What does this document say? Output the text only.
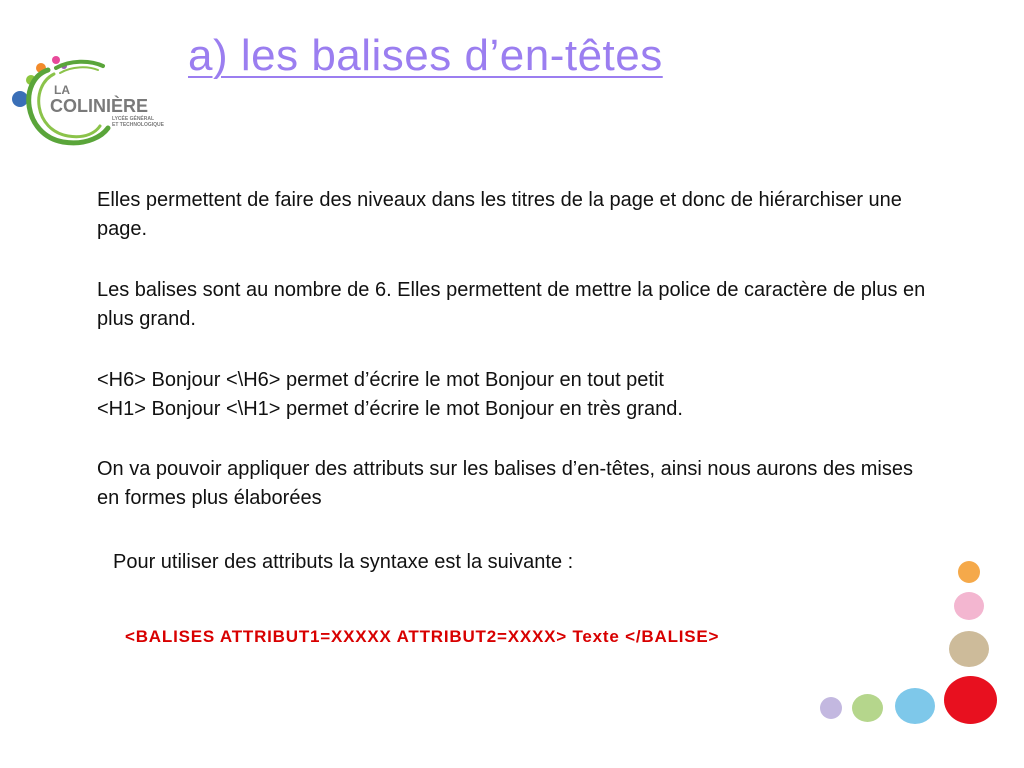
a) les balises d’en-têtes
LA
COLINIÈRE
LYCÉE GÉNÉRAL
ET TECHNOLOGIQUE

Elles permettent de faire des niveaux dans les titres de la page et donc de hiérarchiser une page.

Les balises sont au nombre de 6. Elles permettent de mettre la police de caractère de plus en plus grand.

<H6> Bonjour <\H6> permet d’écrire le mot Bonjour en tout petit
<H1> Bonjour <\H1> permet d’écrire le mot Bonjour en très grand.

On va pouvoir appliquer des attributs sur les balises d’en-têtes, ainsi nous aurons des mises en formes plus élaborées

Pour utiliser des attributs la syntaxe est la suivante :

<BALISES ATTRIBUT1=XXXXX ATTRIBUT2=XXXX> Texte </BALISE>
